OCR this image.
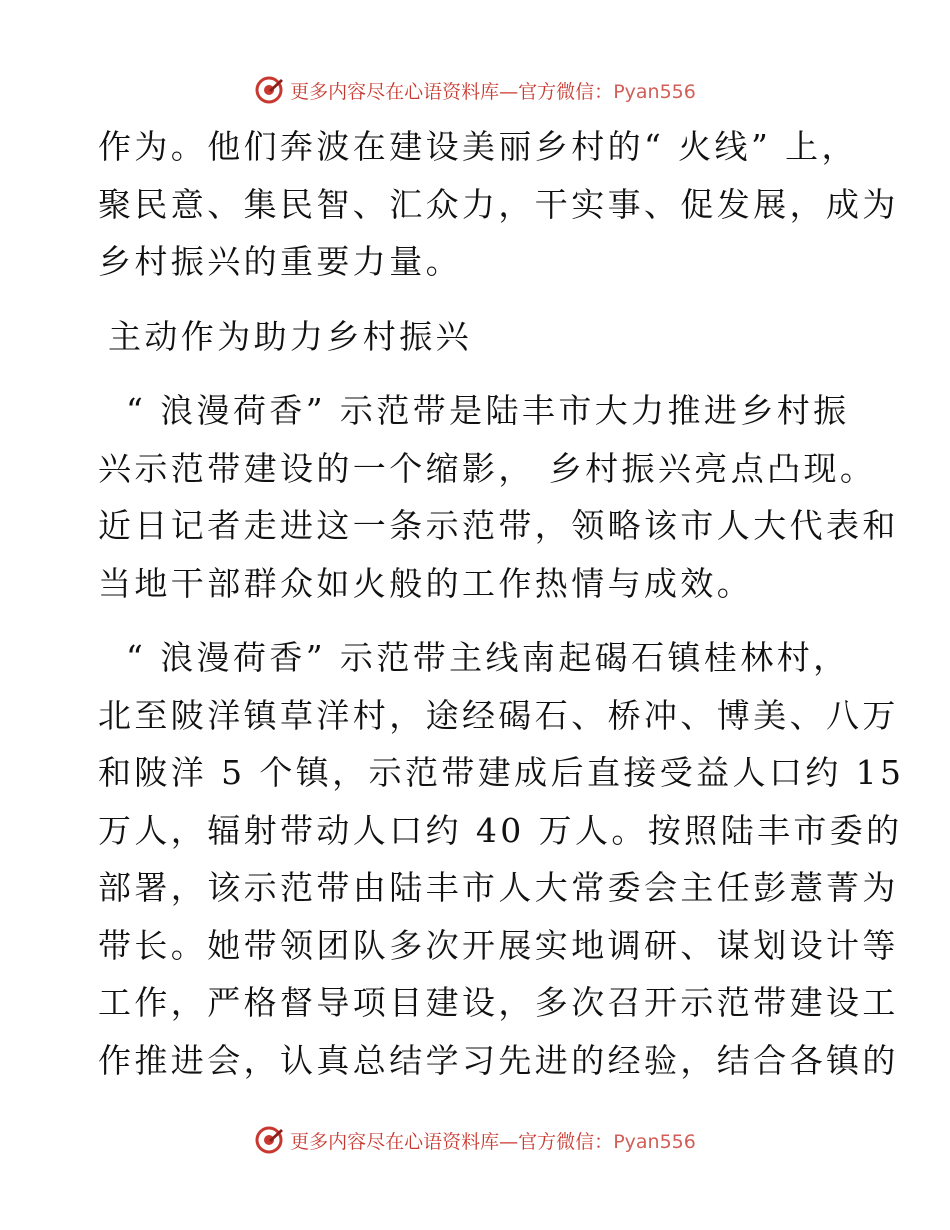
更多内容尽在心语资料库—官方微信：Pyan556
作为。他们奔波在建设美丽乡村的“ 火线” 上，
聚民意、集民智、汇众力，干实事、促发展，成为
乡村振兴的重要力量。
主动作为助力乡村振兴
“ 浪漫荷香” 示范带是陆丰市大力推进乡村振
兴示范带建设的一个缩影， 乡村振兴亮点凸现。
近日记者走进这一条示范带，领略该市人大代表和
当地干部群众如火般的工作热情与成效。
“ 浪漫荷香” 示范带主线南起碣石镇桂林村，
北至陂洋镇草洋村，途经碣石、桥冲、博美、八万
和陂洋 5 个镇，示范带建成后直接受益人口约 15
万人，辐射带动人口约 40 万人。按照陆丰市委的
部署，该示范带由陆丰市人大常委会主任彭薏菁为
带长。她带领团队多次开展实地调研、谋划设计等
工作，严格督导项目建设，多次召开示范带建设工
作推进会，认真总结学习先进的经验，结合各镇的
更多内容尽在心语资料库—官方微信：Pyan556
